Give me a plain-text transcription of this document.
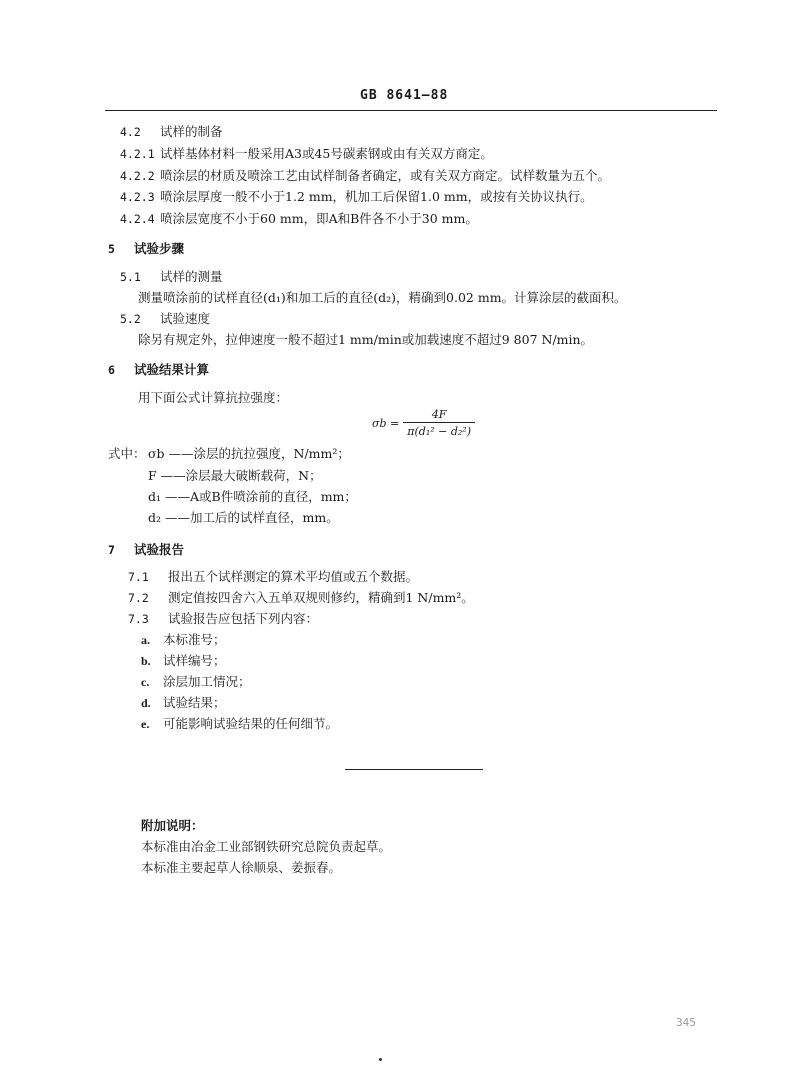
GB 8641—88
4.2 试样的制备
4.2.1 试样基体材料一般采用A3或45号碳素钢或由有关双方商定。
4.2.2 喷涂层的材质及喷涂工艺由试样制备者确定，或有关双方商定。试样数量为五个。
4.2.3 喷涂层厚度一般不小于1.2 mm，机加工后保留1.0 mm，或按有关协议执行。
4.2.4 喷涂层宽度不小于60 mm，即A和B件各不小于30 mm。
5 试验步骤
5.1 试样的测量
测量喷涂前的试样直径(d₁)和加工后的直径(d₂)，精确到0.02 mm。计算涂层的截面积。
5.2 试验速度
除另有规定外，拉伸速度一般不超过1 mm/min或加载速度不超过9 807 N/min。
6 试验结果计算
用下面公式计算抗拉强度：
$\sigma b = \frac{4F}{\text{π(d₁² − d₂²)}}$
式中： σb ——涂层的抗拉强度，N/mm²；
F ——涂层最大破断载荷，N；
d₁ ——A或B件喷涂前的直径，mm；
d₂ ——加工后的试样直径，mm。
7 试验报告
7.1 报出五个试样测定的算术平均值或五个数据。
7.2 测定值按四舍六入五单双规则修约，精确到1 N/mm²。
7.3 试验报告应包括下列内容：
a. 本标准号；
b. 试样编号；
c. 涂层加工情况；
d. 试验结果；
e. 可能影响试验结果的任何细节。
附加说明：
本标准由冶金工业部钢铁研究总院负责起草。
本标准主要起草人徐顺泉、姜振春。
345
